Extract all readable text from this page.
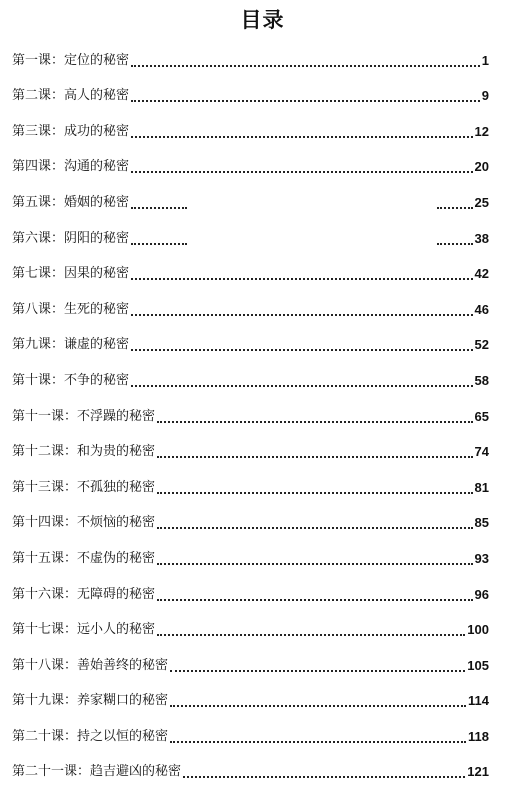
目录
第一课： 定位的秘密	1
第二课： 高人的秘密	9
第三课： 成功的秘密	12
第四课： 沟通的秘密	20
第五课： 婚姻的秘密	25
第六课： 阴阳的秘密	38
第七课： 因果的秘密	42
第八课： 生死的秘密	46
第九课： 谦虚的秘密	52
第十课： 不争的秘密	58
第十一课： 不浮躁的秘密	65
第十二课： 和为贵的秘密	74
第十三课： 不孤独的秘密	81
第十四课： 不烦恼的秘密	85
第十五课： 不虚伪的秘密	93
第十六课： 无障碍的秘密	96
第十七课： 远小人的秘密	100
第十八课： 善始善终的秘密	105
第十九课： 养家糊口的秘密	114
第二十课： 持之以恒的秘密	118
第二十一课： 趋吉避凶的秘密	121
